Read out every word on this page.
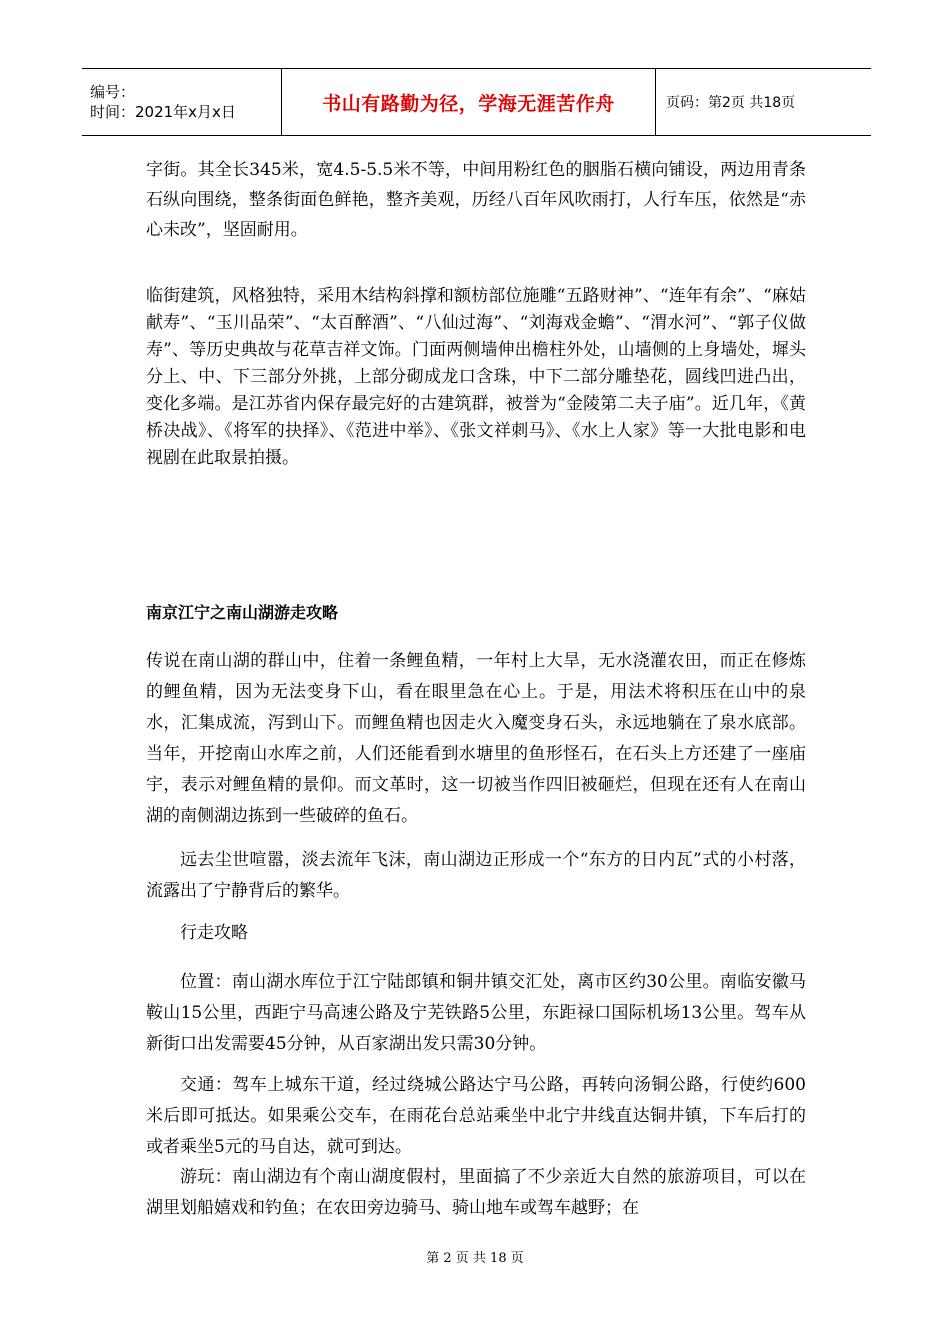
编号：
时间：2021年x月x日	书山有路勤为径，学海无涯苦作舟	页码：第2页 共18页

字街。其全长345米，宽4.5-5.5米不等，中间用粉红色的胭脂石横向铺设，两边用青条石纵向围绕，整条街面色鲜艳，整齐美观，历经八百年风吹雨打，人行车压，依然是“赤心未改”，坚固耐用。

临街建筑，风格独特，采用木结构斜撑和额枋部位施雕“五路财神”、“连年有余”、“麻姑献寿”、“玉川品荣”、“太百醉酒”、“八仙过海”、“刘海戏金蟾”、“渭水河”、“郭子仪做寿”、等历史典故与花草吉祥文饰。门面两侧墙伸出檐柱外处，山墙侧的上身墙处，墀头分上、中、下三部分外挑，上部分砌成龙口含珠，中下二部分雕垫花，圆线凹进凸出，变化多端。是江苏省内保存最完好的古建筑群，被誉为“金陵第二夫子庙”。近几年，《黄桥决战》、《将军的抉择》、《范进中举》、《张文祥刺马》、《水上人家》等一大批电影和电视剧在此取景拍摄。

南京江宁之南山湖游走攻略

传说在南山湖的群山中，住着一条鲤鱼精，一年村上大旱，无水浇灌农田，而正在修炼的鲤鱼精，因为无法变身下山，看在眼里急在心上。于是，用法术将积压在山中的泉水，汇集成流，泻到山下。而鲤鱼精也因走火入魔变身石头，永远地躺在了泉水底部。当年，开挖南山水库之前，人们还能看到水塘里的鱼形怪石，在石头上方还建了一座庙宇，表示对鲤鱼精的景仰。而文革时，这一切被当作四旧被砸烂，但现在还有人在南山湖的南侧湖边拣到一些破碎的鱼石。

远去尘世喧嚣，淡去流年飞沫，南山湖边正形成一个“东方的日内瓦”式的小村落，流露出了宁静背后的繁华。

行走攻略

位置：南山湖水库位于江宁陆郎镇和铜井镇交汇处，离市区约30公里。南临安徽马鞍山15公里，西距宁马高速公路及宁芜铁路5公里，东距禄口国际机场13公里。驾车从新街口出发需要45分钟，从百家湖出发只需30分钟。

交通：驾车上城东干道，经过绕城公路达宁马公路，再转向汤铜公路，行使约600米后即可抵达。如果乘公交车，在雨花台总站乘坐中北宁井线直达铜井镇，下车后打的或者乘坐5元的马自达，就可到达。

游玩：南山湖边有个南山湖度假村，里面搞了不少亲近大自然的旅游项目，可以在湖里划船嬉戏和钓鱼；在农田旁边骑马、骑山地车或驾车越野；在

第 2 页 共 18 页
